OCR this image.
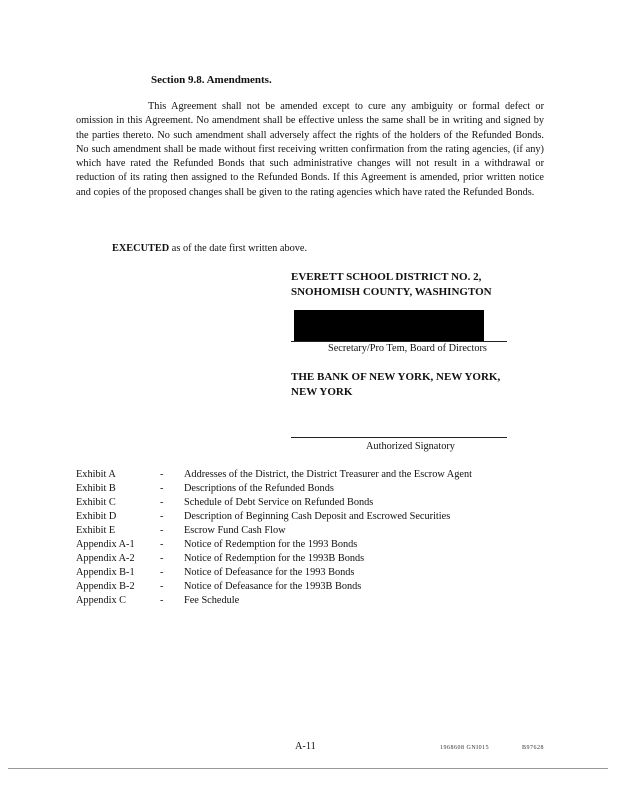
Section 9.8. Amendments.
This Agreement shall not be amended except to cure any ambiguity or formal defect or omission in this Agreement. No amendment shall be effective unless the same shall be in writing and signed by the parties thereto. No such amendment shall adversely affect the rights of the holders of the Refunded Bonds. No such amendment shall be made without first receiving written confirmation from the rating agencies, (if any) which have rated the Refunded Bonds that such administrative changes will not result in a withdrawal or reduction of its rating then assigned to the Refunded Bonds. If this Agreement is amended, prior written notice and copies of the proposed changes shall be given to the rating agencies which have rated the Refunded Bonds.
EXECUTED as of the date first written above.
EVERETT SCHOOL DISTRICT NO. 2,
SNOHOMISH COUNTY, WASHINGTON
Secretary/Pro Tem, Board of Directors
THE BANK OF NEW YORK, NEW YORK,
NEW YORK
Authorized Signatory
Exhibit A	- Addresses of the District, the District Treasurer and the Escrow Agent
Exhibit B	- Descriptions of the Refunded Bonds
Exhibit C	- Schedule of Debt Service on Refunded Bonds
Exhibit D	- Description of Beginning Cash Deposit and Escrowed Securities
Exhibit E	- Escrow Fund Cash Flow
Appendix A-1 - Notice of Redemption for the 1993 Bonds
Appendix A-2 - Notice of Redemption for the 1993B Bonds
Appendix B-1 - Notice of Defeasance for the 1993 Bonds
Appendix B-2 - Notice of Defeasance for the 1993B Bonds
Appendix C	- Fee Schedule
A-11	1968608 GNI015	B97628
